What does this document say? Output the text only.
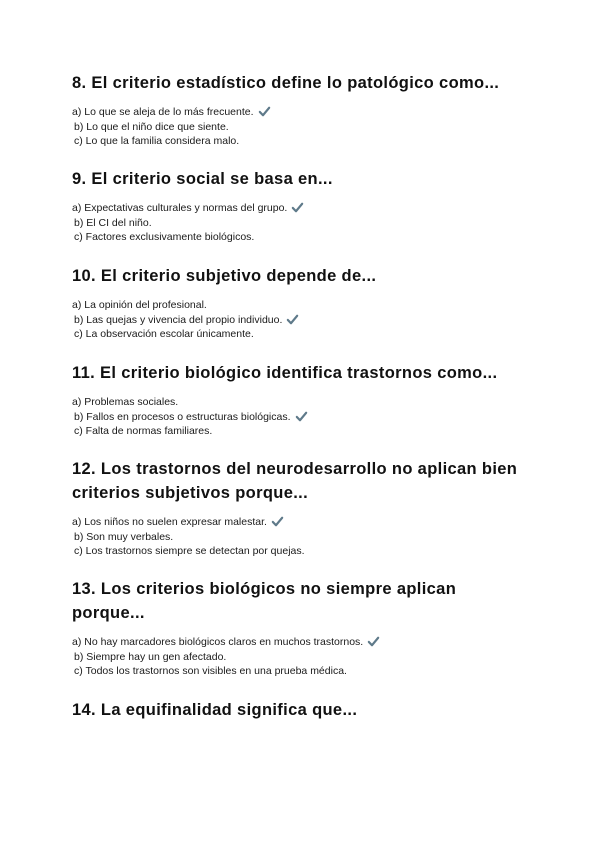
8. El criterio estadístico define lo patológico como...

a) Lo que se aleja de lo más frecuente.
b) Lo que el niño dice que siente.
c) Lo que la familia considera malo.

9. El criterio social se basa en...

a) Expectativas culturales y normas del grupo.
b) El CI del niño.
c) Factores exclusivamente biológicos.

10. El criterio subjetivo depende de...

a) La opinión del profesional.
b) Las quejas y vivencia del propio individuo.
c) La observación escolar únicamente.

11. El criterio biológico identifica trastornos como...

a) Problemas sociales.
b) Fallos en procesos o estructuras biológicas.
c) Falta de normas familiares.

12. Los trastornos del neurodesarrollo no aplican bien
criterios subjetivos porque...

a) Los niños no suelen expresar malestar.
b) Son muy verbales.
c) Los trastornos siempre se detectan por quejas.

13. Los criterios biológicos no siempre aplican
porque...

a) No hay marcadores biológicos claros en muchos trastornos.
b) Siempre hay un gen afectado.
c) Todos los trastornos son visibles en una prueba médica.

14. La equifinalidad significa que...
